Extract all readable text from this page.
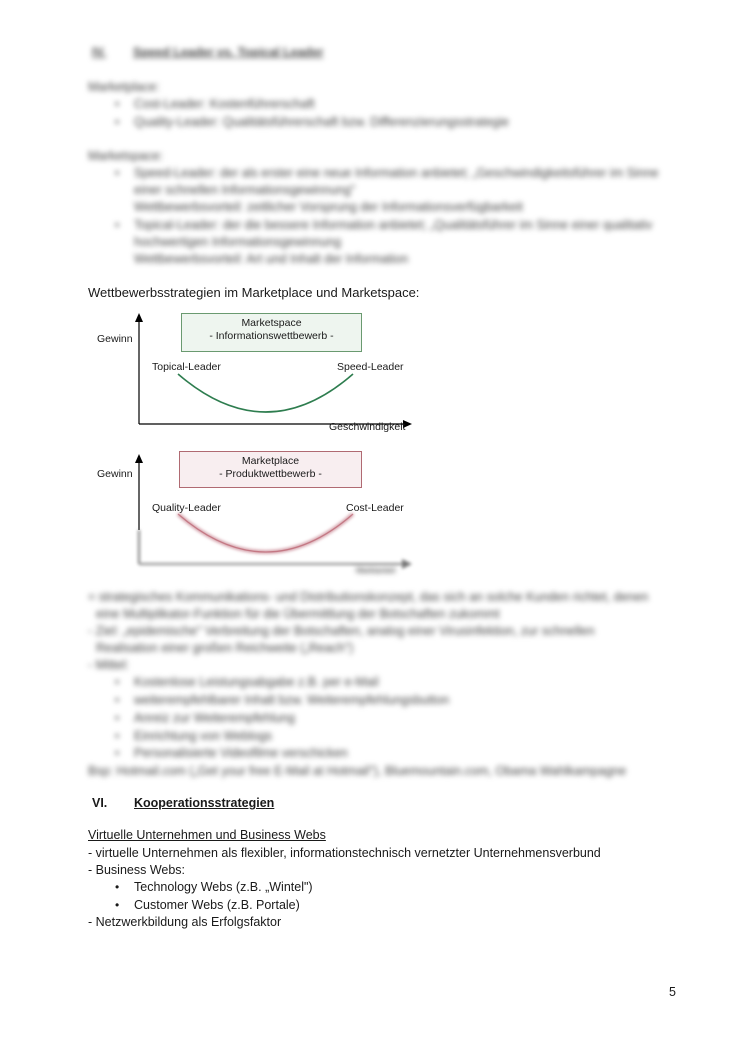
IV. Speed Leader vs. Topical Leader
Marketplace:
• Cost-Leader: Kostenführerschaft
• Quality-Leader: Qualitätsführerschaft bzw. Differenzierungsstrategie
Marketspace:
• Speed-Leader: der als erster eine neue Information anbietet; „Geschwindigkeitsführer im Sinne
einer schnellen Informationsgewinnung"
Wettbewerbsvorteil: zeitlicher Vorsprung der Informationsverfügbarkeit
• Topical-Leader: der die bessere Information anbietet; „Qualitätsführer im Sinne einer qualitativ
hochwertigen Informationsgewinnung
Wettbewerbsvorteil: Art und Inhalt der Information
Wettbewerbsstrategien im Marketplace und Marketspace:
Marketspace
- Informationswettbewerb -
Gewinn
Topical-Leader	Speed-Leader
Geschwindigkeit
Marketplace
- Produktwettbewerb -
Gewinn
Quality-Leader	Cost-Leader
Marktanteil
= strategisches Kommunikations- und Distributionskonzept, das sich an solche Kunden richtet, denen
eine Multiplikator-Funktion für die Übermittlung der Botschaften zukommt
- Ziel: „epidemische" Verbreitung der Botschaften, analog einer Virusinfektion, zur schnellen
Realisation einer großen Reichweite („Reach")
- Mittel:
• Kostenlose Leistungsabgabe z.B. per e-Mail
• weiterempfehlbarer Inhalt bzw. Weiterempfehlungsbutton
• Anreiz zur Weiterempfehlung
• Einrichtung von Weblogs
• Personalisierte Videofilme verschicken
Bsp: Hotmail.com („Get your free E-Mail at Hotmail"), Bluemountain.com, Obama Wahlkampagne
VI. Kooperationsstrategien
Virtuelle Unternehmen und Business Webs
- virtuelle Unternehmen als flexibler, informationstechnisch vernetzter Unternehmensverbund
- Business Webs:
• Technology Webs (z.B. „Wintel")
• Customer Webs (z.B. Portale)
- Netzwerkbildung als Erfolgsfaktor
5
